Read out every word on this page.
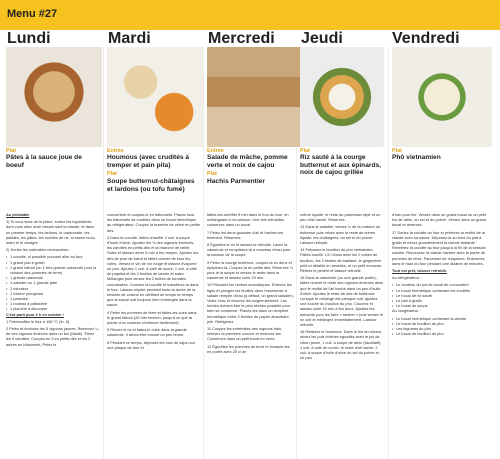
Menu #27
Lundi	Mardi	Mercredi Jeudi	Vendredi
Plat
Pâtes à la sauce joue de boeuf

Au préalable

1) Si vous avez de la place, sortez les ingrédients dont vous allez avoir besoin sauf la viande, et dans un premier temps, les lardons, le cassonade, les patates, les pâtes, les nouilles de riz, la sauce nuoc-mâm et le vinaigre.

2) Sortez les ustensiles nécessaires :

• 1 cocotte, si possible pouvant aller au four
• 1 grand plat à gratin
• 1 grand faitout (ou 1 très grande casserole pour la cuisson des pommes de terre)
• 1 grande casserole
• 1 saladier ou 1 grande jatte
• 1 minuteur
• 1 mixeur plongeant
• 1 passoire
• 1 rouleau à pâtisserie
• 1 planche à découper

C'est parti pour 2 h en cuisine !

1 Préchauffez le four à 180 °C (th. 6).

2 Pelez et émincez les 5 oignons jaunes. Réservez ¼ de ces oignons émincés dans un bol (Mardi). Pelez les 5 carottes. Coupez-en 3 en petits dés et les 2 autres en bâtonnets. Pelez le

Entrée
Houmous (avec crudités à tremper et pain pita)
Plat
Soupe butternut-châtaignes et lardons (ou tofu fumé)

concombre et coupez-le en bâtonnets. Placez tous les bâtonnets de crudités dans un bocal hermétique au réfrigérateur. Coupez la branche de céleri en petits dés.

3 Dans la cocotte, faites chauffer 4 cuil. à soupe d'huile d'olive. Ajoutez les ¾ des oignons émincés, les carottes en petits dés et la branche de céleri. Salez et laissez dorer 5 min à feu moyen. Ajoutez les dés de joue de bœuf et faites colorer de tous les côtés. Versez le vin de vin rouge et laissez évaporer un peu. Ajoutez 1 cuil. à café de sucre, 1 cuil. à café de paprika et les 2 feuilles de laurier et salez. Mélangez puis versez les 2 boîtes de tomates concassées. Couvrez la cocotte et transférez-la dans le four. Laissez mijoter pendant toute la durée de la session de cuisine en vérifiant de temps en temps que la sauce soit toujours bien immergée dans la sauce.

4 Pelez les pommes de terre et faites-les cuire dans le grand faitout (20 min environ, jusqu'à ce que la pointe d'un couteau s'enfonce facilement).

5 Rincez le riz et faites-le cuire dans la grande casserole. Il devra être encore un peu ferme.

6 Pendant ce temps, déposez les noix de cajou sur une plaque de four et

Entrée
Salade de mâche, pomme verte et noix de cajou
Plat
Hachis Parmentier

faites-les torréfier 5 min dans le four du four, en mélangeant à mi-cuisson. Une fois refroidies, conservez dans un bocal.

7 Pelez les deux gousses d'ail et hachez-les finement. Réservez.

8 Égouttez le riz et laissez-le refroidir. Lavez la casserole et remplissez-la à nouveau d'eau pour la cuisson de la soupe.

9 Pelez la courge butternut, coupez-la en deux et épépinez-la. Coupez-la en petits dés. Réservez ¼ pour le la soupe et versez le reste dans la casserole et laissez cuire 20 min.

10 Préparez les herbes aromatiques. Enlevez les tiges et plongez les feuilles dans l'essoreuse à salade remplie d'eau (à défaut, un grand saladier). Videz l'eau et essorez les soigneusement. Les herbes doivent être le plus sèches possible pour bien se conserver. Placez-les dans un récipient hermétique entre 2 feuilles de papier absorbant plié. Réfrigérez.

11 Coupez les extrémités des oignons frais, enlevez la première couche et émincez-les. Conservez dans un petit bocal en verre.

12 Égouttez les pommes de terre et écrasez-les en purée avec 25 cl de

Plat
Riz sauté à la courge butternut et aux épinards, noix de cajou grillée

crème liquide, le reste du parmesan râpé et un peu d'ail haché. Réservez.

13 Dans le saladier, versez ¼ de la cuisson du butternut puis mixez avec le reste de crème liquide, les châtaignes, du sel et du poivre. Laissez refroidir.

14 Préparez le bouillon du pho vietnamien. Faites bouillir 1,5 l d'eau avec les 2 cubes de bouillon, les 2 étoiles de badiane, le gingembre pelé et détaillé en lamelles, et un petit morceau. Retirez le piment et laissez refroidir.

15 Dans la casserole (ou une grande poêle), faites revenir le reste des oignons émincés ainsi que le moitié de l'ail haché dans un peu d'huile d'olive. Ajoutez le reste de dés de butternut. Lorsque le mélange est presque cuit, ajoutez une louche du bouillon du pho. Couvrez et laissez cuire 10 min à feu doux. Ajoutez les épinards pour les faire « tomber » puis versez le riz cuit et mélangez immédiatement. Laissez refroidir.

16 Réalisez le houmous. Dans le bol du mixeur, mixez les pois chiches égouttés avec le jus de citron jaune, 1 cuil. à soupe de tahin (facultatif), 1 cuil. à café de cumin, le reste d'ail haché, 2 cuil. à soupe d'huile d'olive du sel du poivre et un peu

Plat
Phô vietnamien

d'eau pour lier. Versez dans un grand bocal ou un petit bol de tahin, du sel et du poivre. Versez dans un grand bocal et réservez.

17 Sortez la cocotte du four et prélevez la moitié de la viande avec sa sauce. Déposez-la au fond du plat à gratin et mixez grossièrement la viande restante. Remettez la cocotte au four jusqu'à la fin de la session cuisine. Recouvrez la viande hachée avec la purée de pommes de terre. Parsemez de chapelure. Enfournez dans le haut du four pendant une dizaine de minutes.

Tout est prêt, laissez refroidir.

Au réfrigérateur :

• Le contenu du pot de bocal de concombre
• Le bocal hermétique contenant les crudités
• Le bocal de riz sauté
• Le plat à gratin
• Le bocal de soupe

Au congélateur :

• Le bocal hermétique contenant la viande
• Le bocal de bouillon de pho
• Les légumes du pho
• Le bocal de bouillon du pho
